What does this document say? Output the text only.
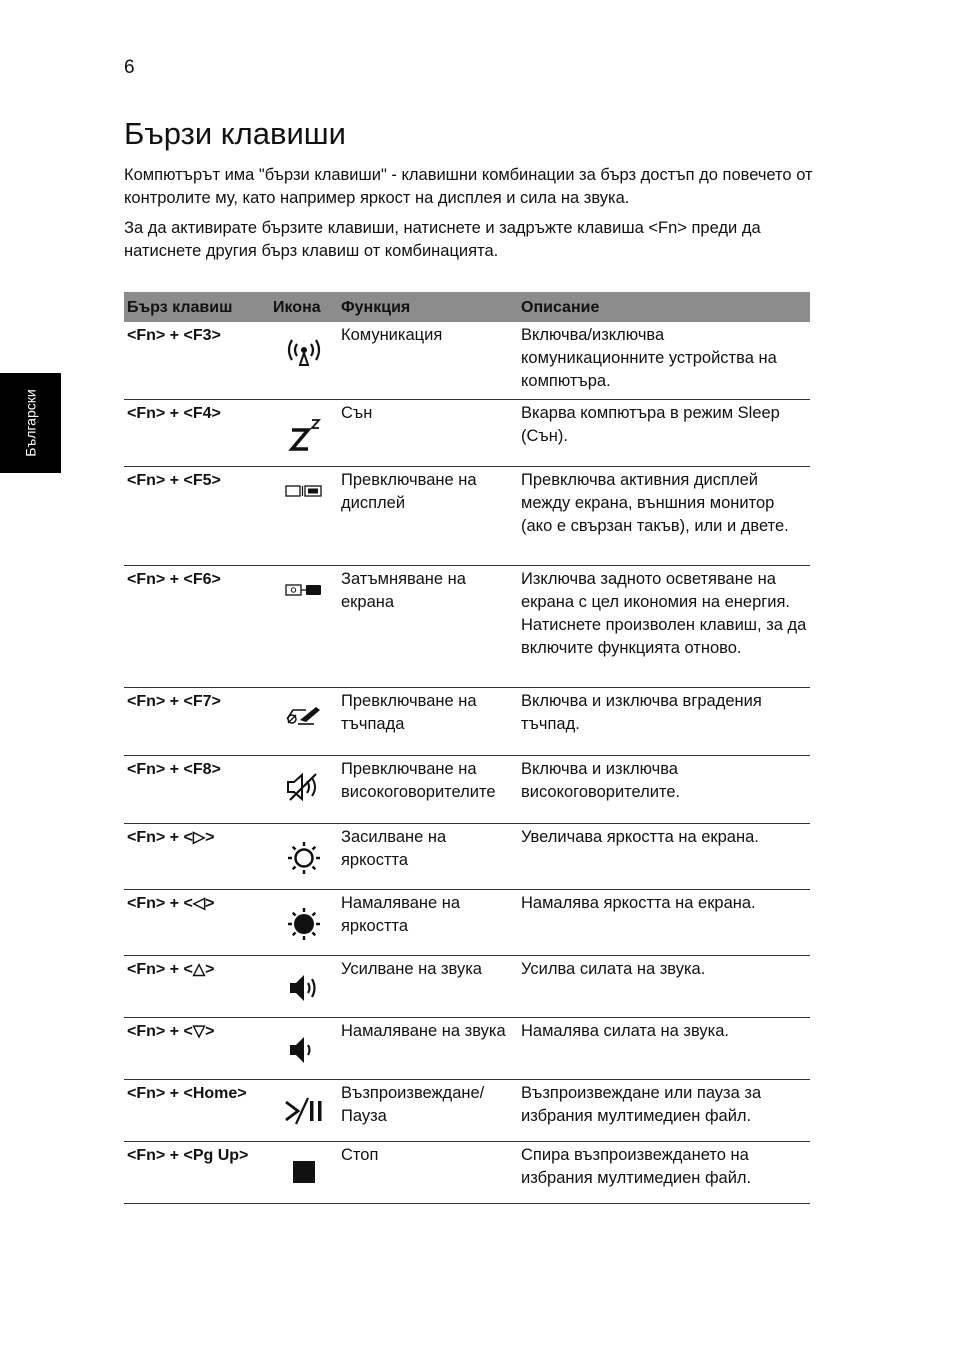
6
Бързи клавиши

Компютърът има "бързи клавиши" - клавишни комбинации за бърз достъп до повечето от контролите му, като например яркост на дисплея и сила на звука.

За да активирате бързите клавиши, натиснете и задръжте клавиша <Fn> преди да натиснете другия бърз клавиш от комбинацията.

Български
Бърз клавиш	Икона	Функция	Описание
<Fn> + <F3>		Комуникация	Включва/изключва комуникационните устройства на компютъра.
<Fn> + <F4>		Сън	Вкарва компютъра в режим Sleep (Сън).
<Fn> + <F5>		Превключване на дисплей	Превключва активния дисплей между екрана, външния монитор (ако е свързан такъв), или и двете.
<Fn> + <F6>		Затъмняване на екрана	Изключва задното осветяване на екрана с цел икономия на енергия. Натиснете произволен клавиш, за да включите функцията отново.
<Fn> + <F7>		Превключване на тъчпада	Включва и изключва вградения тъчпад.
<Fn> + <F8>		Превключване на високоговорителите	Включва и изключва високоговорителите.
<Fn> + <▷>		Засилване на яркостта	Увеличава яркостта на екрана.
<Fn> + <◁>		Намаляване на яркостта	Намалява яркостта на екрана.
<Fn> + <△>		Усилване на звука	Усилва силата на звука.
<Fn> + <▽>		Намаляване на звука	Намалява силата на звука.
<Fn> + <Home>		Възпроизвеждане/ Пауза	Възпроизвеждане или пауза за избрания мултимедиен файл.
<Fn> + <Pg Up>		Стоп	Спира възпроизвеждането на избрания мултимедиен файл.
